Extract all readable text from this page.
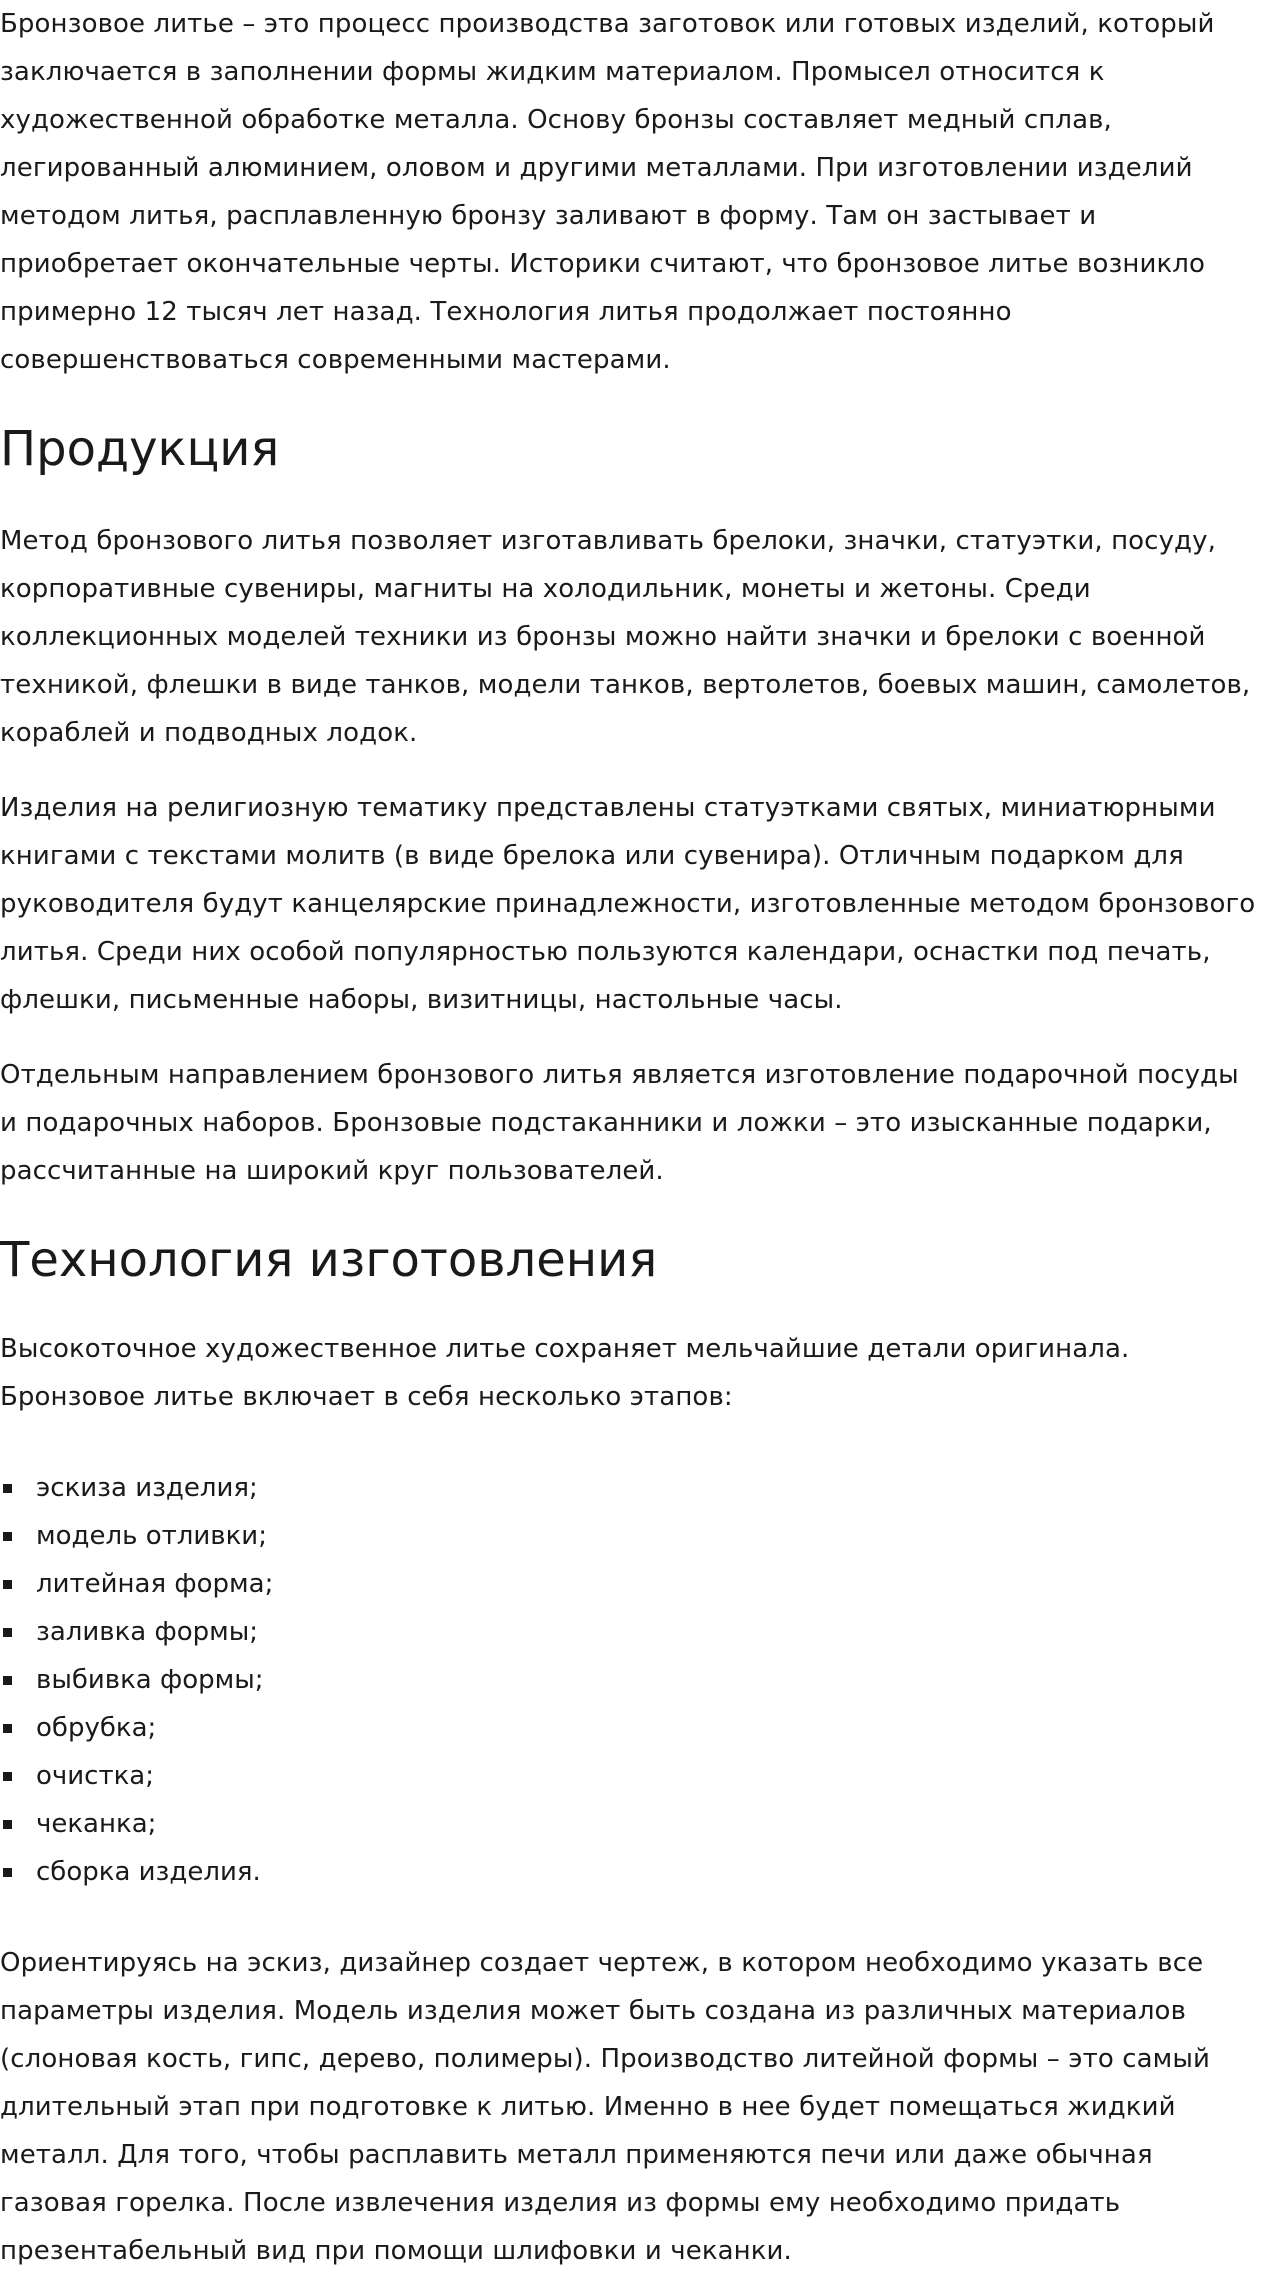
Бронзовое литье – это процесс производства заготовок или готовых изделий, который заключается в заполнении формы жидким материалом. Промысел относится к художественной обработке металла. Основу бронзы составляет медный сплав, легированный алюминием, оловом и другими металлами. При изготовлении изделий методом литья, расплавленную бронзу заливают в форму. Там он застывает и приобретает окончательные черты. Историки считают, что бронзовое литье возникло примерно 12 тысяч лет назад. Технология литья продолжает постоянно совершенствоваться современными мастерами.

Продукция

Метод бронзового литья позволяет изготавливать брелоки, значки, статуэтки, посуду, корпоративные сувениры, магниты на холодильник, монеты и жетоны. Среди коллекционных моделей техники из бронзы можно найти значки и брелоки с военной техникой, флешки в виде танков, модели танков, вертолетов, боевых машин, самолетов, кораблей и подводных лодок.

Изделия на религиозную тематику представлены статуэтками святых, миниатюрными книгами с текстами молитв (в виде брелока или сувенира). Отличным подарком для руководителя будут канцелярские принадлежности, изготовленные методом бронзового литья. Среди них особой популярностью пользуются календари, оснастки под печать, флешки, письменные наборы, визитницы, настольные часы.

Отдельным направлением бронзового литья является изготовление подарочной посуды и подарочных наборов. Бронзовые подстаканники и ложки – это изысканные подарки, рассчитанные на широкий круг пользователей.

Технология изготовления

Высокоточное художественное литье сохраняет мельчайшие детали оригинала. Бронзовое литье включает в себя несколько этапов:

эскиза изделия;
модель отливки;
литейная форма;
заливка формы;
выбивка формы;
обрубка;
очистка;
чеканка;
сборка изделия.

Ориентируясь на эскиз, дизайнер создает чертеж, в котором необходимо указать все параметры изделия. Модель изделия может быть создана из различных материалов (слоновая кость, гипс, дерево, полимеры). Производство литейной формы – это самый длительный этап при подготовке к литью. Именно в нее будет помещаться жидкий металл. Для того, чтобы расплавить металл применяются печи или даже обычная газовая горелка. После извлечения изделия из формы ему необходимо придать презентабельный вид при помощи шлифовки и чеканки.
